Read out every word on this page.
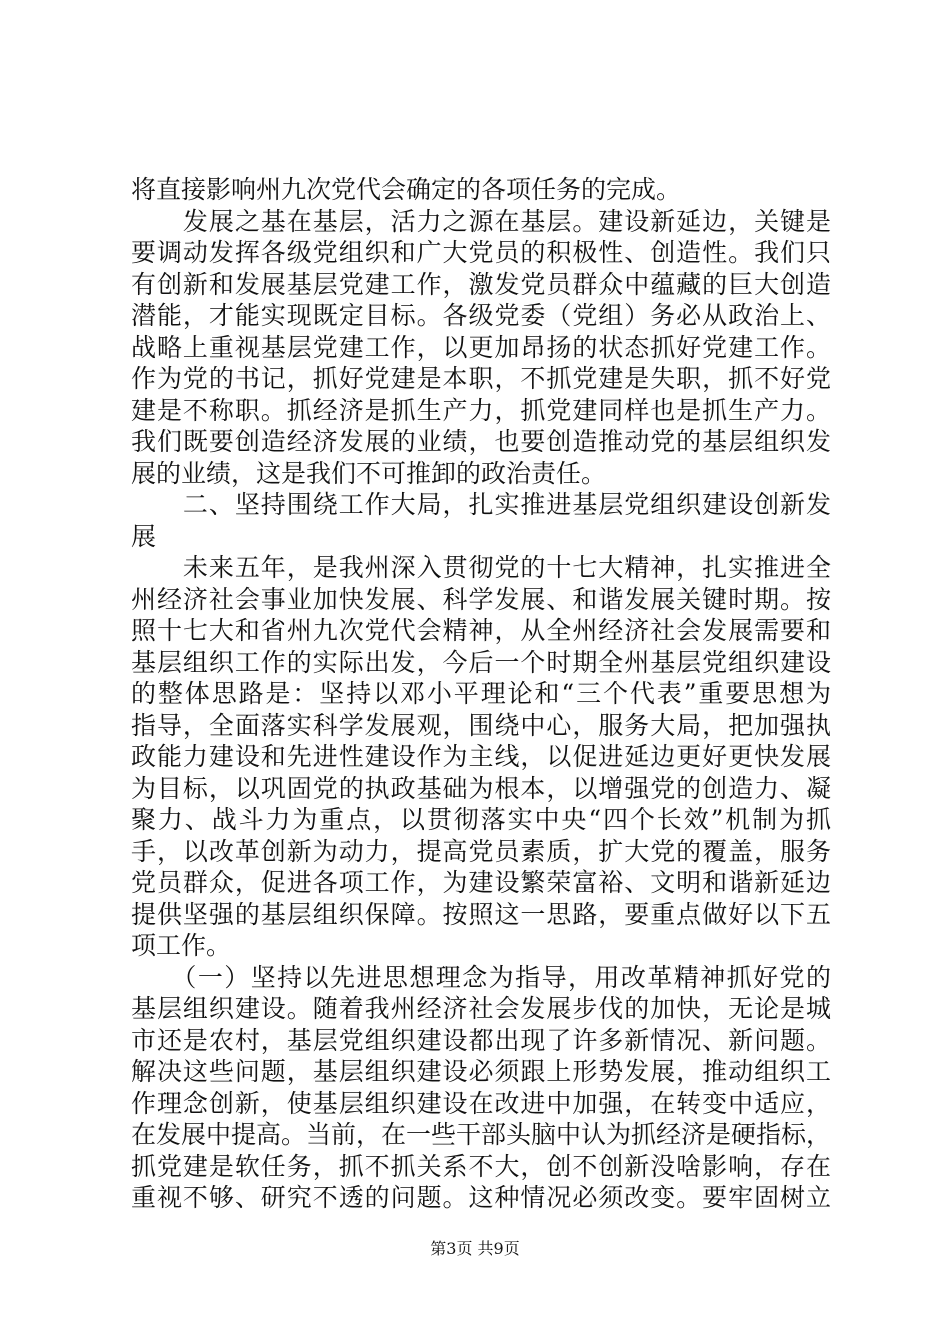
将直接影响州九次党代会确定的各项任务的完成。
　　发展之基在基层，活力之源在基层。建设新延边，关键是
要调动发挥各级党组织和广大党员的积极性、创造性。我们只
有创新和发展基层党建工作，激发党员群众中蕴藏的巨大创造
潜能，才能实现既定目标。各级党委（党组）务必从政治上、
战略上重视基层党建工作，以更加昂扬的状态抓好党建工作。
作为党的书记，抓好党建是本职，不抓党建是失职，抓不好党
建是不称职。抓经济是抓生产力，抓党建同样也是抓生产力。
我们既要创造经济发展的业绩，也要创造推动党的基层组织发
展的业绩，这是我们不可推卸的政治责任。
　　二、坚持围绕工作大局，扎实推进基层党组织建设创新发
展
　　未来五年，是我州深入贯彻党的十七大精神，扎实推进全
州经济社会事业加快发展、科学发展、和谐发展关键时期。按
照十七大和省州九次党代会精神，从全州经济社会发展需要和
基层组织工作的实际出发，今后一个时期全州基层党组织建设
的整体思路是：坚持以邓小平理论和“三个代表”重要思想为
指导，全面落实科学发展观，围绕中心，服务大局，把加强执
政能力建设和先进性建设作为主线，以促进延边更好更快发展
为目标，以巩固党的执政基础为根本，以增强党的创造力、凝
聚力、战斗力为重点，以贯彻落实中央“四个长效”机制为抓
手，以改革创新为动力，提高党员素质，扩大党的覆盖，服务
党员群众，促进各项工作，为建设繁荣富裕、文明和谐新延边
提供坚强的基层组织保障。按照这一思路，要重点做好以下五
项工作。
　　（一）坚持以先进思想理念为指导，用改革精神抓好党的
基层组织建设。随着我州经济社会发展步伐的加快，无论是城
市还是农村，基层党组织建设都出现了许多新情况、新问题。
解决这些问题，基层组织建设必须跟上形势发展，推动组织工
作理念创新，使基层组织建设在改进中加强，在转变中适应，
在发展中提高。当前，在一些干部头脑中认为抓经济是硬指标，
抓党建是软任务，抓不抓关系不大，创不创新没啥影响，存在
重视不够、研究不透的问题。这种情况必须改变。要牢固树立
第3页 共9页
